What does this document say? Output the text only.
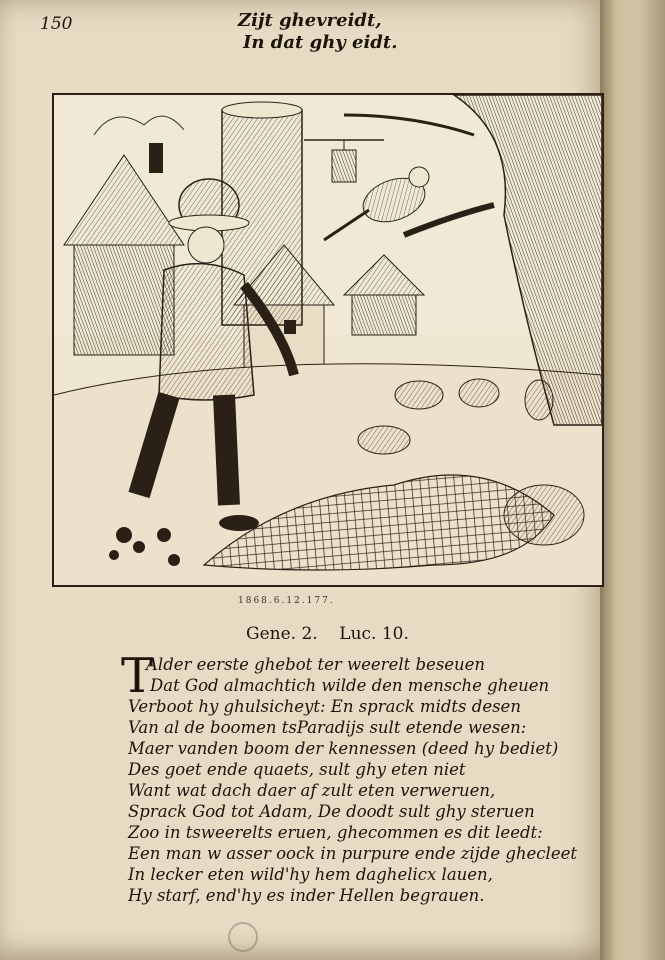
150	Zijt ghevreidt,
In dat ghy eidt.
1868.6.12.177.
Gene. 2.    Luc. 10.
T
Alder eerste ghebot ter weerelt beseuen
Dat God almachtich wilde den mensche gheuen
Verboot hy ghulsicheyt: En sprack midts desen
Van al de boomen tsParadijs sult etende wesen:
Maer vanden boom der kennessen (deed hy bediet)
Des goet ende quaets, sult ghy eten niet
Want wat dach daer af zult eten verweruen,
Sprack God tot Adam, De doodt sult ghy steruen
Zoo in tsweerelts eruen, ghecommen es dit leedt:
Een man w asser oock in purpure ende zijde ghecleet
In lecker eten wild'hy hem daghelicx lauen,
Hy starf, end'hy es inder Hellen begrauen.
